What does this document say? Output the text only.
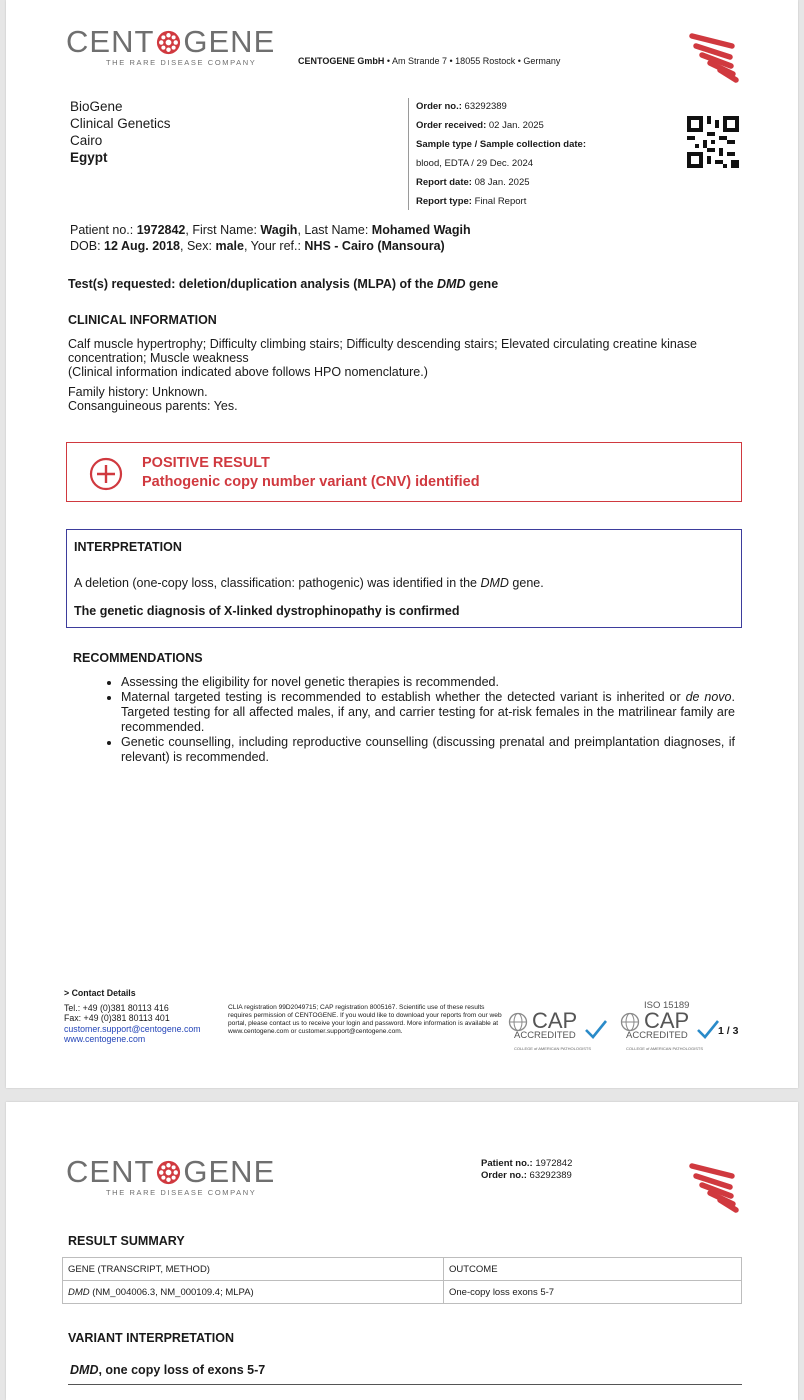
CENT GENE
THE RARE DISEASE COMPANY	CENTOGENE GmbH • Am Strande 7 • 18055 Rostock • Germany
BioGene
Clinical Genetics
Cairo
Egypt
Order no.: 63292389
Order received: 02 Jan. 2025
Sample type / Sample collection date:
blood, EDTA / 29 Dec. 2024
Report date: 08 Jan. 2025
Report type: Final Report
Patient no.: 1972842, First Name: Wagih, Last Name: Mohamed Wagih
DOB: 12 Aug. 2018, Sex: male, Your ref.: NHS - Cairo (Mansoura)
Test(s) requested: deletion/duplication analysis (MLPA) of the DMD gene
CLINICAL INFORMATION
Calf muscle hypertrophy; Difficulty climbing stairs; Difficulty descending stairs; Elevated circulating creatine kinase
concentration; Muscle weakness
(Clinical information indicated above follows HPO nomenclature.)
Family history: Unknown.
Consanguineous parents: Yes.
POSITIVE RESULT
Pathogenic copy number variant (CNV) identified
INTERPRETATION
A deletion (one-copy loss, classification: pathogenic) was identified in the DMD gene.
The genetic diagnosis of X-linked dystrophinopathy is confirmed
RECOMMENDATIONS
• Assessing the eligibility for novel genetic therapies is recommended.
• Maternal targeted testing is recommended to establish whether the detected variant is inherited or de novo. Targeted testing for all affected males, if any, and carrier testing for at-risk females in the matrilinear family are recommended.
• Genetic counselling, including reproductive counselling (discussing prenatal and preimplantation diagnoses, if relevant) is recommended.
> Contact Details
Tel.: +49 (0)381 80113 416
Fax: +49 (0)381 80113 401
customer.support@centogene.com
www.centogene.com
CLIA registration 99D2049715; CAP registration 8005167. Scientific use of these results requires permission of CENTOGENE. If you would like to download your reports from our web portal, please contact us to receive your login and password. More information is available at www.centogene.com or customer.support@centogene.com.	CAP
ACCREDITED
COLLEGE of AMERICAN PATHOLOGISTS
ISO 15189
CAP
ACCREDITED
COLLEGE of AMERICAN PATHOLOGISTS
1 / 3
CENT GENE
THE RARE DISEASE COMPANY
Patient no.: 1972842
Order no.: 63292389
RESULT SUMMARY
GENE (TRANSCRIPT, METHOD)	OUTCOME
DMD (NM_004006.3, NM_000109.4; MLPA)	One-copy loss exons 5-7
VARIANT INTERPRETATION
DMD, one copy loss of exons 5-7
